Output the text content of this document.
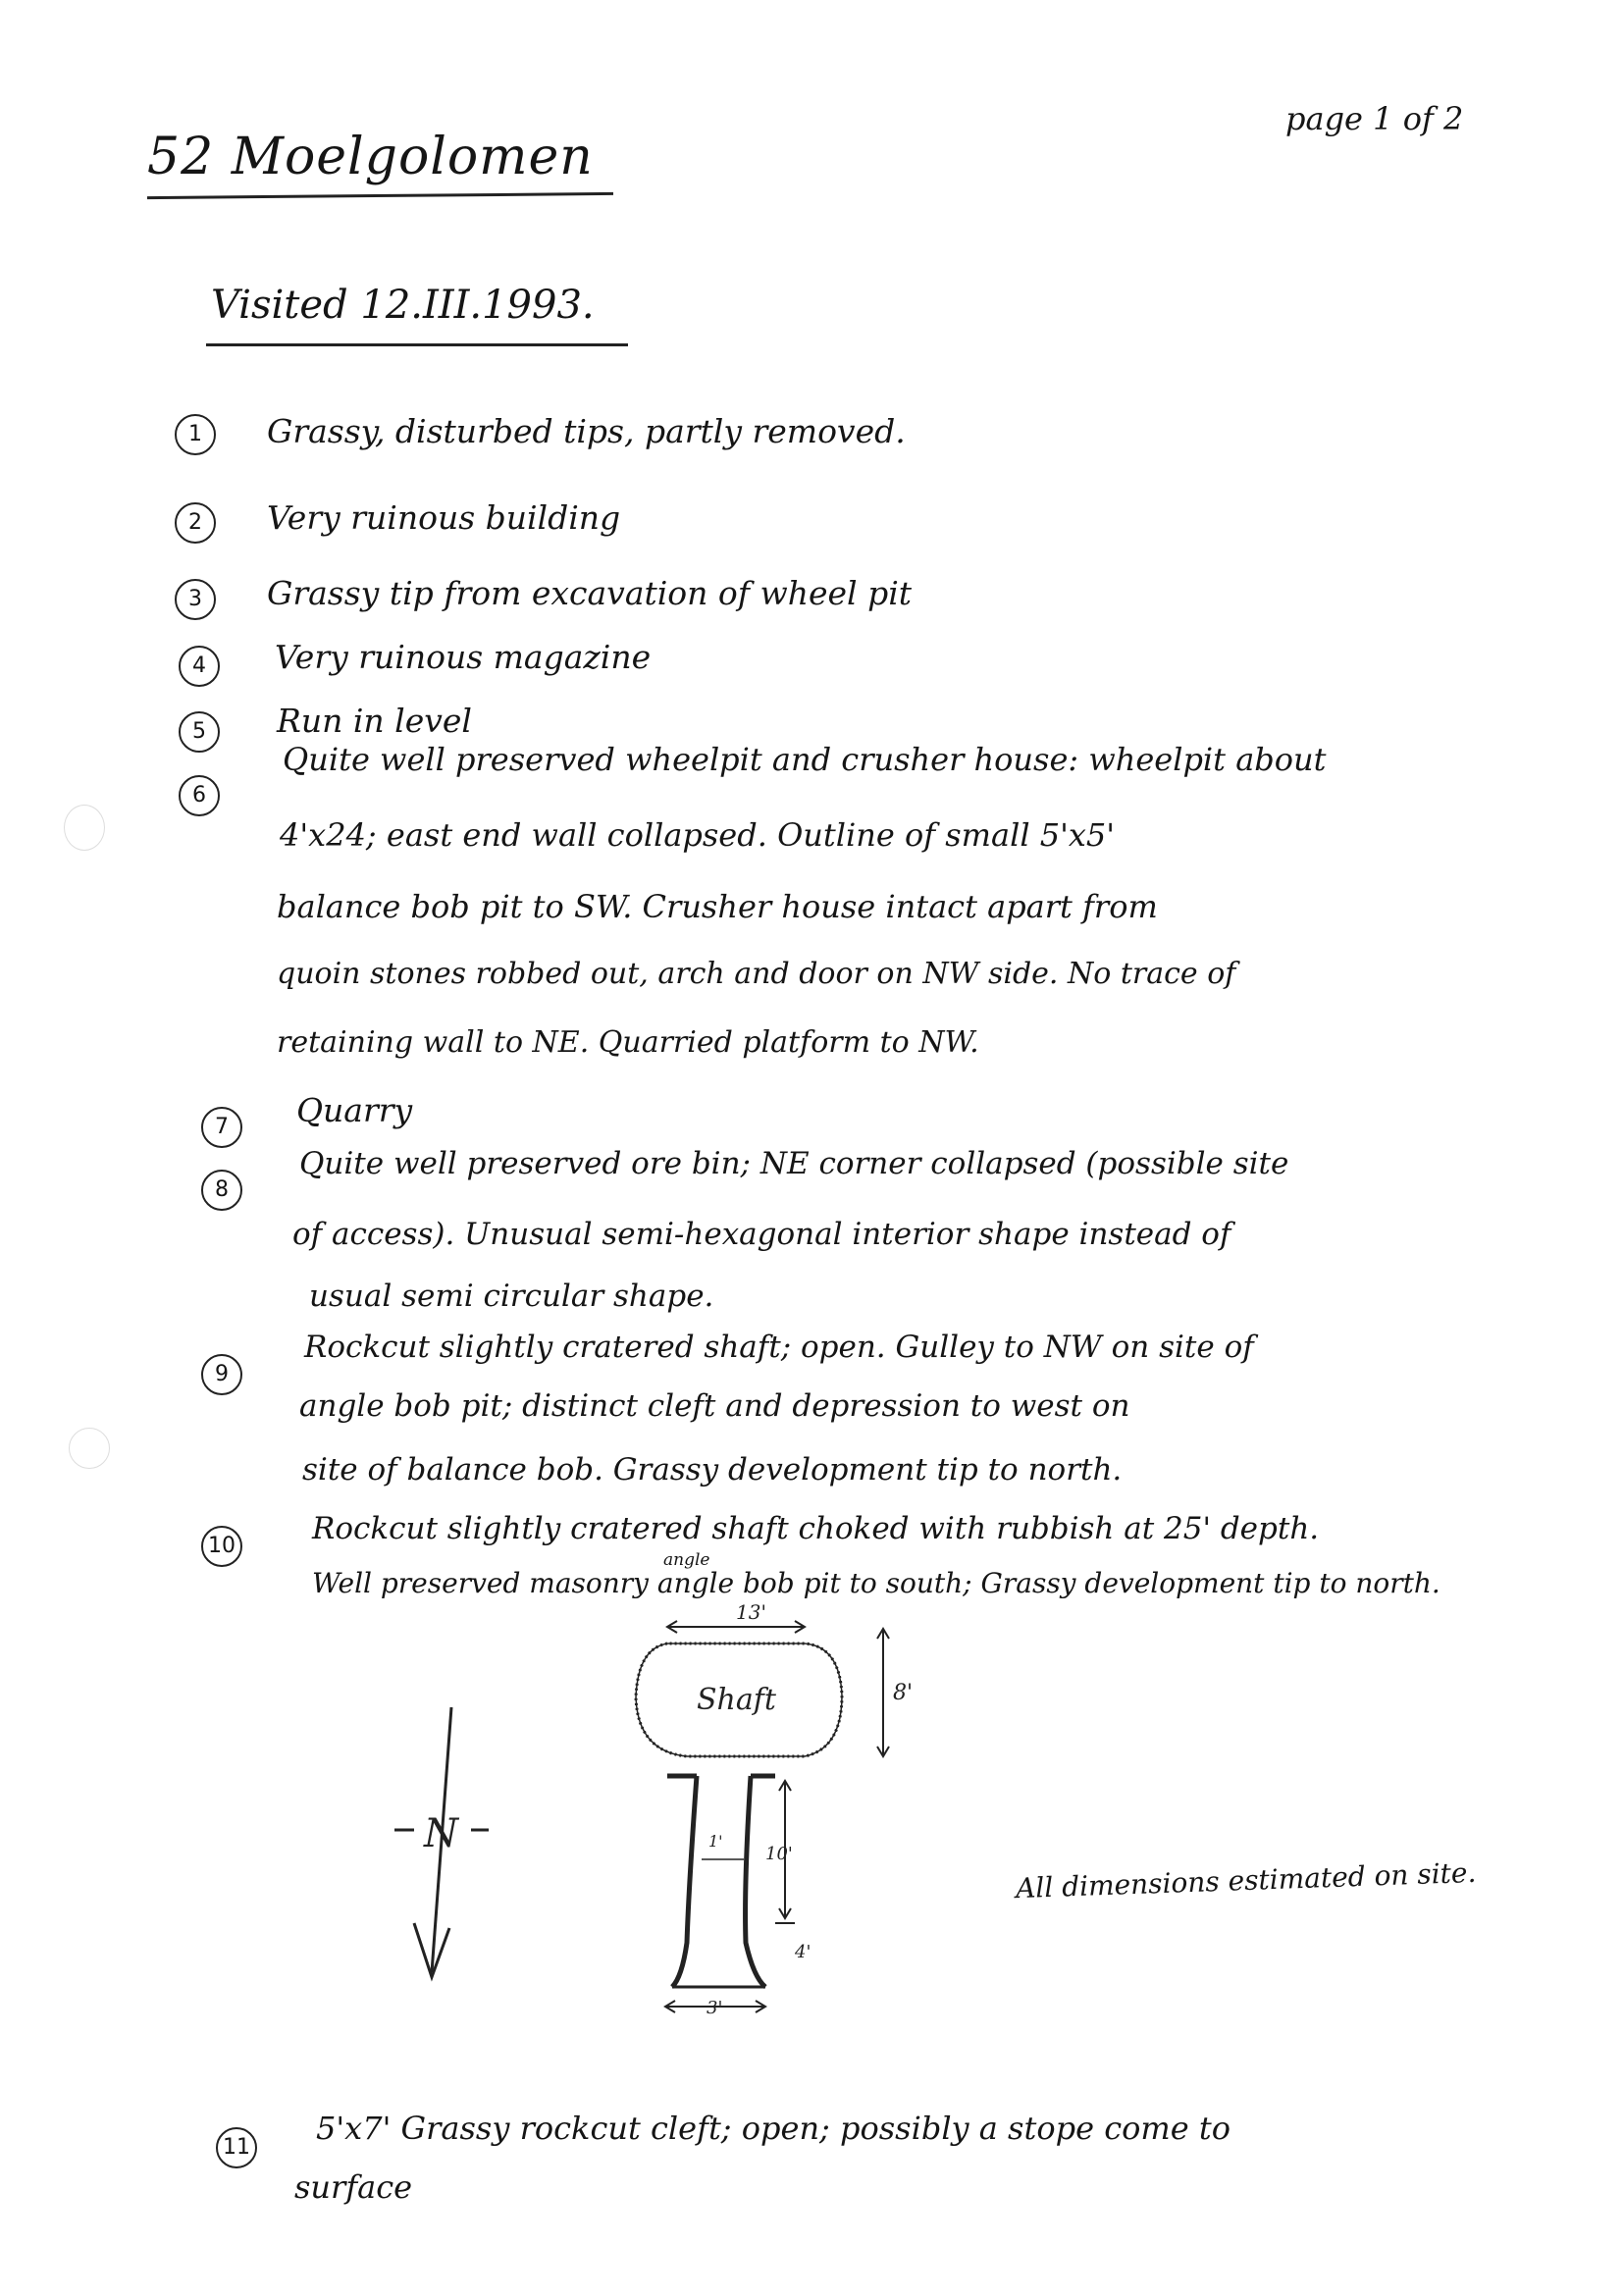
52 Moelgolomen
page 1 of 2
Visited 12.III.1993.
1	Grassy, disturbed tips, partly removed.
2	Very ruinous building
3	Grassy tip from excavation of wheel pit
4	Very ruinous magazine
5	Run in level
6
Quite well preserved wheelpit and crusher house: wheelpit about
4'x24; east end wall collapsed. Outline of small 5'x5'
balance bob pit to SW. Crusher house intact apart from
quoin stones robbed out, arch and door on NW side. No trace of
retaining wall to NE. Quarried platform to NW.
7	Quarry
8
Quite well preserved ore bin; NE corner collapsed (possible site
of access). Unusual semi-hexagonal interior shape instead of
usual semi circular shape.
9
Rockcut slightly cratered shaft; open. Gulley to NW on site of
angle bob pit; distinct cleft and depression to west on
site of balance bob. Grassy development tip to north.
10	Rockcut slightly cratered shaft choked with rubbish at 25' depth.
Well preserved masonry angle bob pit to south; Grassy development tip to north.
11
5'x7' Grassy rockcut cleft; open; possibly a stope come to
surface
N
13'
Shaft	8'
1'
10'
4'
3'
angle
All dimensions estimated on site.
